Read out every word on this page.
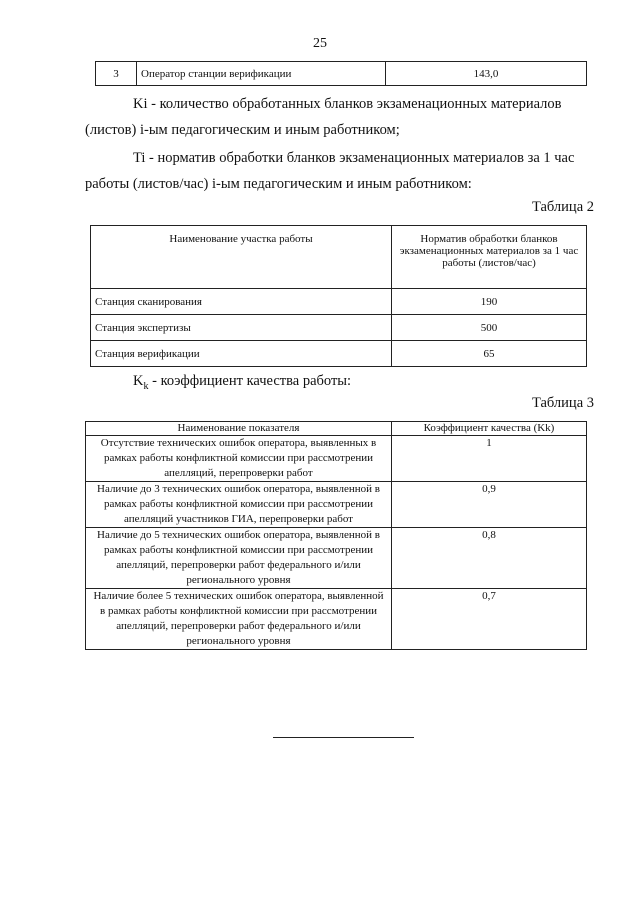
25
3	Оператор станции верификации	143,0
Ki - количество обработанных бланков экзаменационных материалов (листов) i-ым педагогическим и иным работником;
Ti - норматив обработки бланков экзаменационных материалов за 1 час работы (листов/час) i-ым педагогическим и иным работником:
Таблица 2
Наименование участка работы	Норматив обработки бланков экзаменационных материалов за 1 час работы (листов/час)
Станция сканирования	190
Станция экспертизы	500
Станция верификации	65
$K_k$ - коэффициент качества работы:
Таблица 3
Наименование показателя	Коэффициент качества (Kk)
Отсутствие технических ошибок оператора, выявленных в рамках работы конфликтной комиссии при рассмотрении апелляций, перепроверки работ	1
Наличие до 3 технических ошибок оператора, выявленной в рамках работы конфликтной комиссии при рассмотрении апелляций участников ГИА, перепроверки работ	0,9
Наличие до 5 технических ошибок оператора, выявленной в рамках работы конфликтной комиссии при рассмотрении апелляций, перепроверки работ федерального и/или регионального уровня	0,8
Наличие более 5 технических ошибок оператора, выявленной в рамках работы конфликтной комиссии при рассмотрении апелляций, перепроверки работ федерального и/или регионального уровня	0,7
